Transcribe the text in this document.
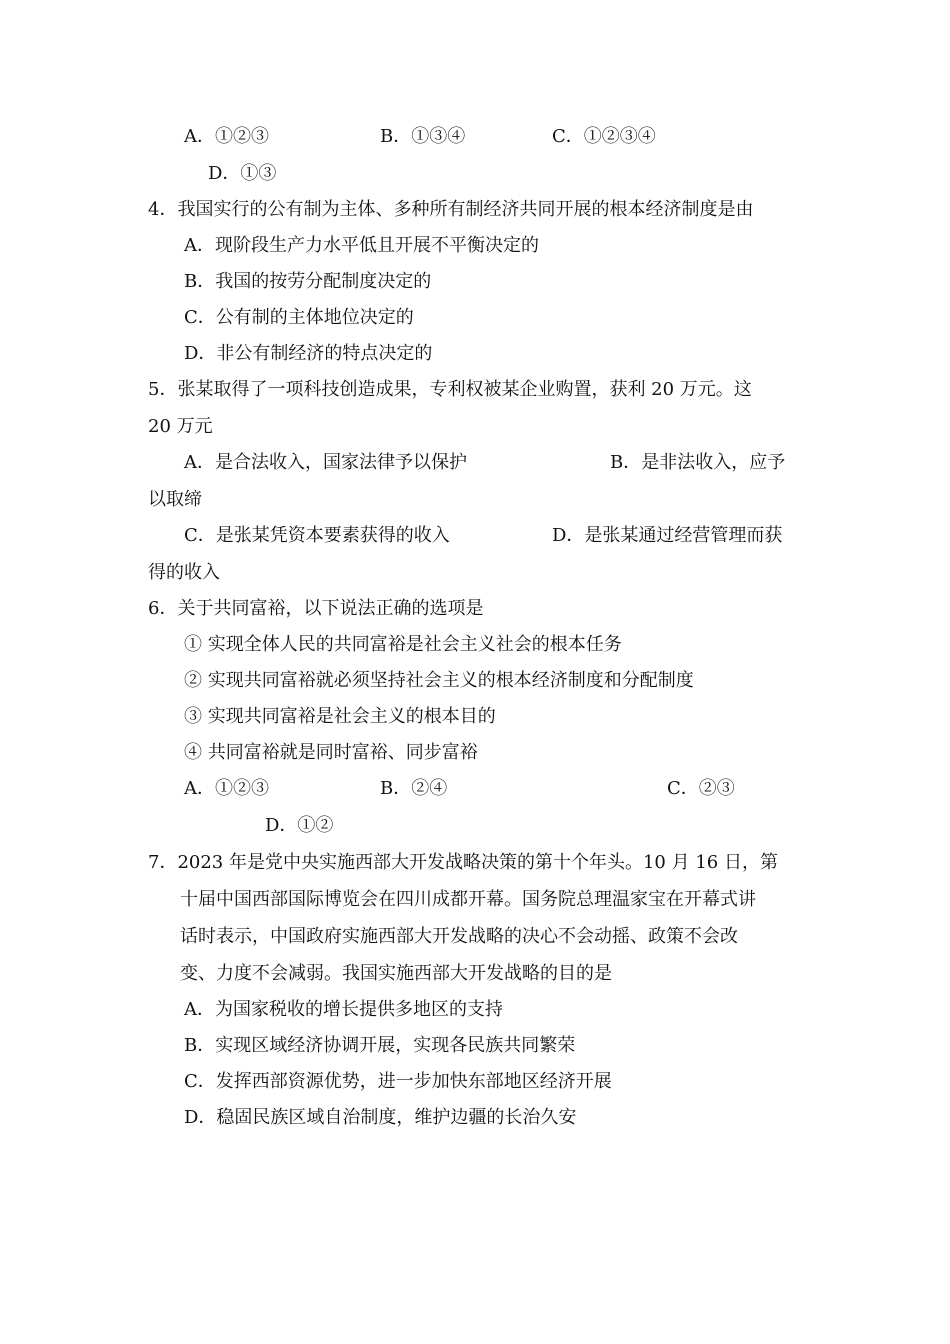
A．①②③	B．①③④	C．①②③④
D．①③
4．我国实行的公有制为主体、多种所有制经济共同开展的根本经济制度是由
A．现阶段生产力水平低且开展不平衡决定的
B．我国的按劳分配制度决定的
C．公有制的主体地位决定的
D．非公有制经济的特点决定的
5．张某取得了一项科技创造成果，专利权被某企业购置，获利 20 万元。这
20 万元
A．是合法收入，国家法律予以保护	B．是非法收入，应予
以取缔
C．是张某凭资本要素获得的收入	D．是张某通过经营管理而获
得的收入
6．关于共同富裕，以下说法正确的选项是
① 实现全体人民的共同富裕是社会主义社会的根本任务
② 实现共同富裕就必须坚持社会主义的根本经济制度和分配制度
③ 实现共同富裕是社会主义的根本目的
④ 共同富裕就是同时富裕、同步富裕
A．①②③	B．②④	C．②③
D．①②
7．2023 年是党中央实施西部大开发战略决策的第十个年头。10 月 16 日，第
十届中国西部国际博览会在四川成都开幕。国务院总理温家宝在开幕式讲
话时表示，中国政府实施西部大开发战略的决心不会动摇、政策不会改
变、力度不会减弱。我国实施西部大开发战略的目的是
A．为国家税收的增长提供多地区的支持
B．实现区域经济协调开展，实现各民族共同繁荣
C．发挥西部资源优势，进一步加快东部地区经济开展
D．稳固民族区域自治制度，维护边疆的长治久安
